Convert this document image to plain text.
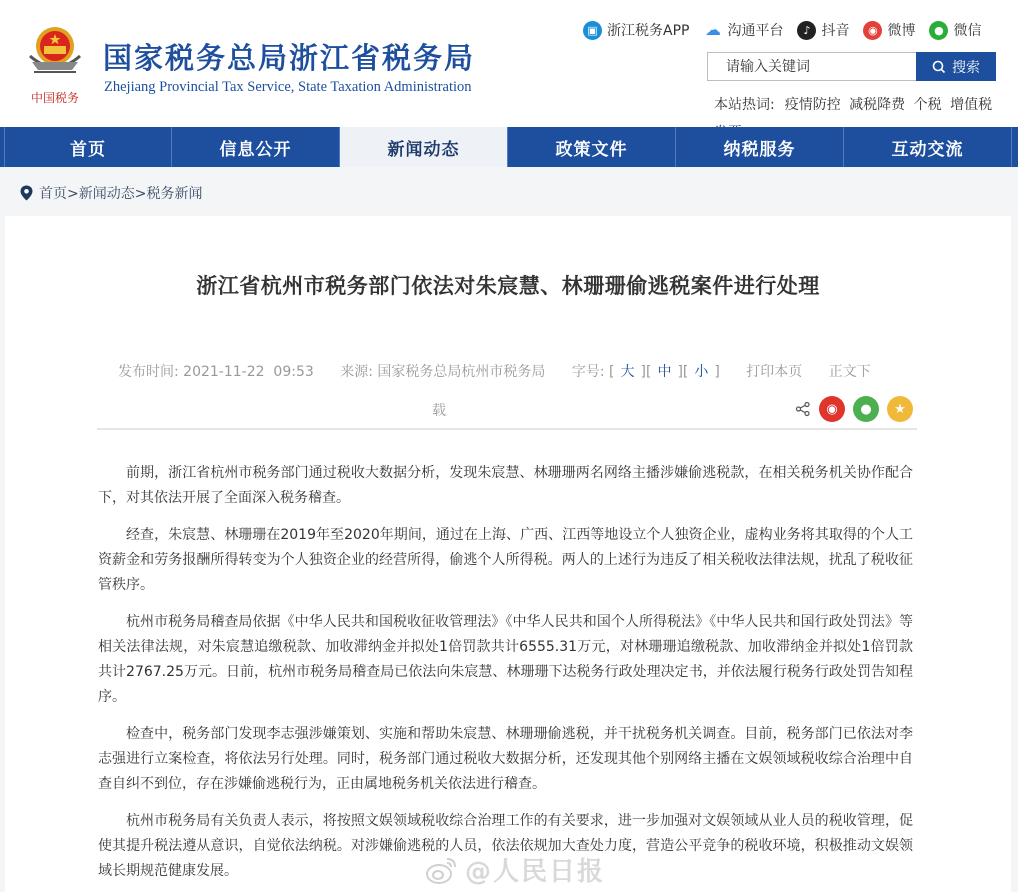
中国税务
国家税务总局浙江省税务局
Zhejiang Provincial Tax Service, State Taxation Administration
▣ 浙江税务APP ☁ 沟通平台	♪ 抖音	◉ 微博	● 微信
请输入关键词
搜索
本站热词: 疫情防控 减税降费 个税 增值税
首页	信息公开	新闻动态	政策文件	纳税服务	互动交流
首页>新闻动态>税务新闻
浙江省杭州市税务部门依法对朱宸慧、林珊珊偷逃税案件进行处理
发布时间: 2021-11-22  09:53 来源: 国家税务总局杭州市税务局 字号: [ 大 ][ 中 ][ 小 ] 打印本页 正文下
载	◉	●	★

前期，浙江省杭州市税务部门通过税收大数据分析，发现朱宸慧、林珊珊两名网络主播涉嫌偷逃税款，在相关税务机关协作配合下，对其依法开展了全面深入税务稽查。

经查，朱宸慧、林珊珊在2019年至2020年期间，通过在上海、广西、江西等地设立个人独资企业，虚构业务将其取得的个人工资薪金和劳务报酬所得转变为个人独资企业的经营所得，偷逃个人所得税。两人的上述行为违反了相关税收法律法规，扰乱了税收征管秩序。

杭州市税务局稽查局依据《中华人民共和国税收征收管理法》《中华人民共和国个人所得税法》《中华人民共和国行政处罚法》等相关法律法规，对朱宸慧追缴税款、加收滞纳金并拟处1倍罚款共计6555.31万元，对林珊珊追缴税款、加收滞纳金并拟处1倍罚款共计2767.25万元。日前，杭州市税务局稽查局已依法向朱宸慧、林珊珊下达税务行政处理决定书，并依法履行税务行政处罚告知程序。

检查中，税务部门发现李志强涉嫌策划、实施和帮助朱宸慧、林珊珊偷逃税，并干扰税务机关调查。目前，税务部门已依法对李志强进行立案检查，将依法另行处理。同时，税务部门通过税收大数据分析，还发现其他个别网络主播在文娱领域税收综合治理中自查自纠不到位，存在涉嫌偷逃税行为，正由属地税务机关依法进行稽查。

杭州市税务局有关负责人表示，将按照文娱领域税收综合治理工作的有关要求，进一步加强对文娱领域从业人员的税收管理，促使其提升税法遵从意识，自觉依法纳税。对涉嫌偷逃税的人员，依法依规加大查处力度，营造公平竞争的税收环境，积极推动文娱领域长期规范健康发展。	@人民日报
